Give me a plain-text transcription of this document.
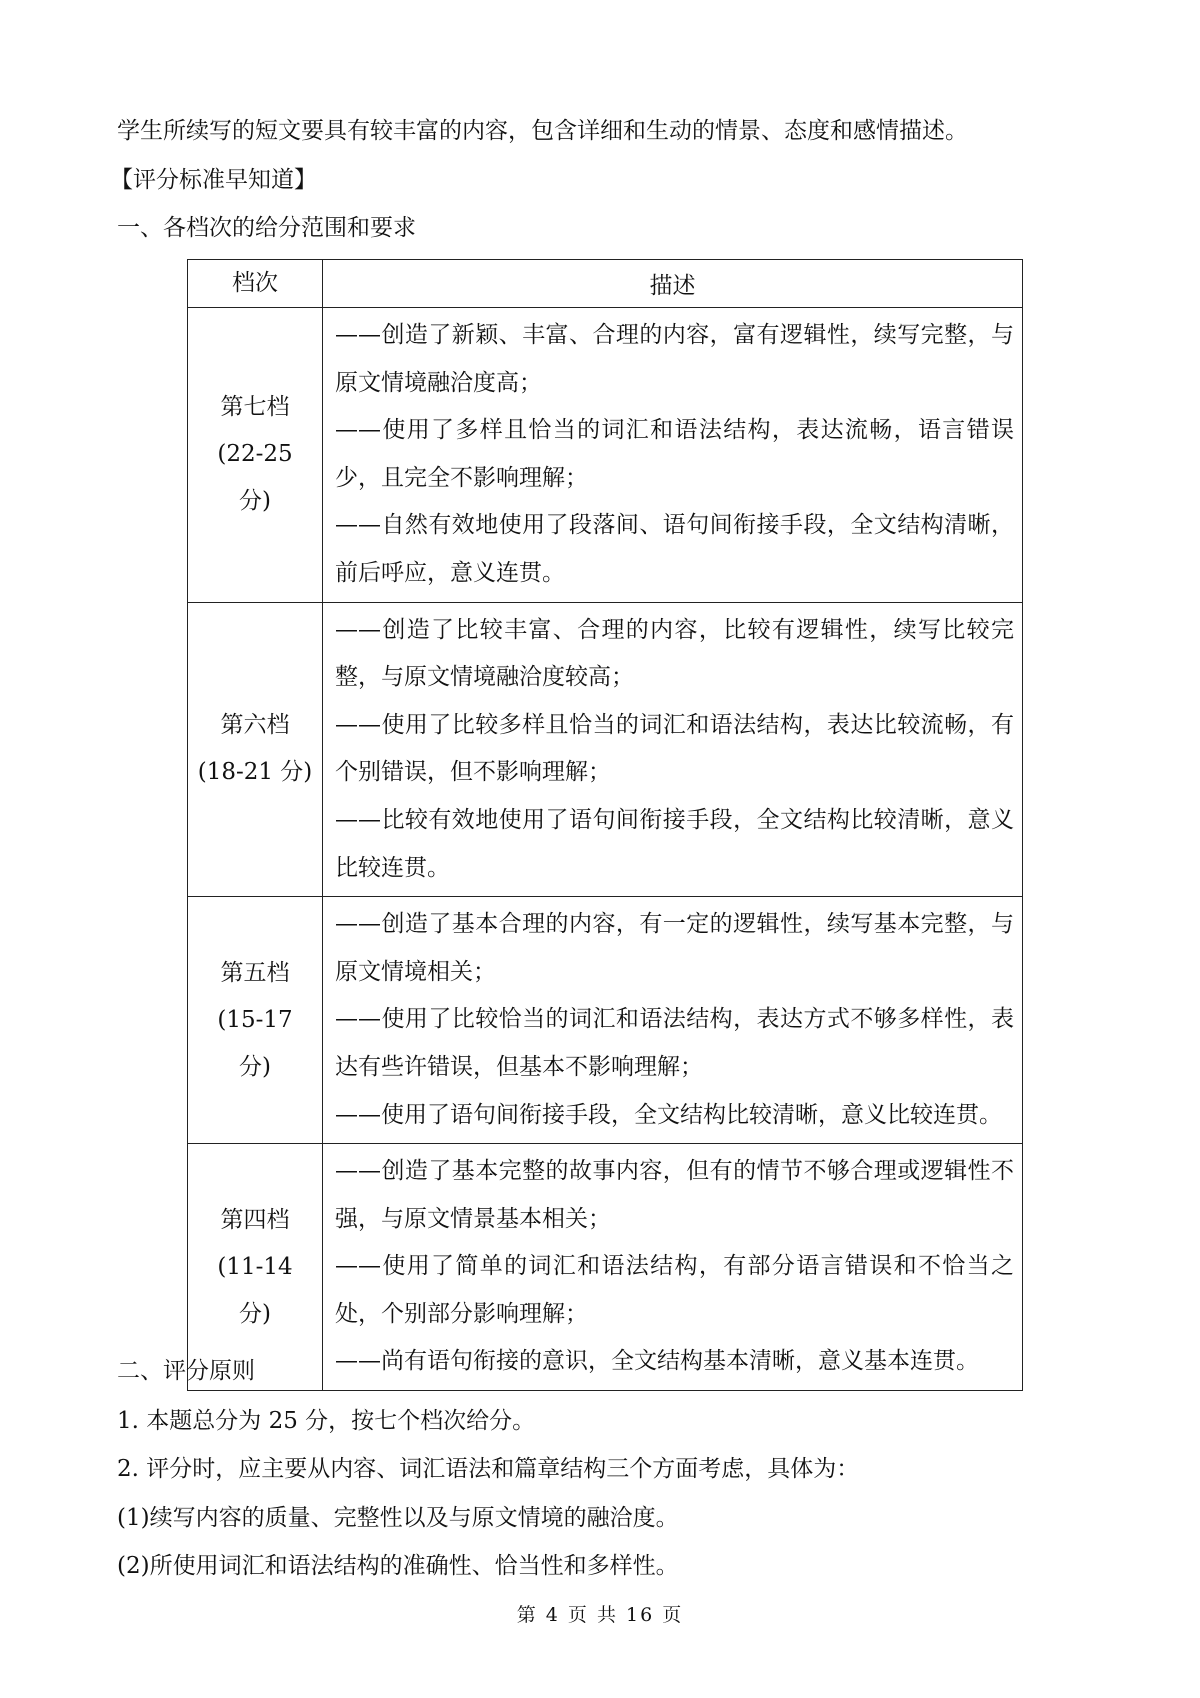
学生所续写的短文要具有较丰富的内容，包含详细和生动的情景、态度和感情描述。
【评分标准早知道】
一、各档次的给分范围和要求
档次	描述

第七档
(22-25
分)	——创造了新颖、丰富、合理的内容，富有逻辑性，续写完整，与原文情境融洽度高；
——使用了多样且恰当的词汇和语法结构，表达流畅，语言错误少，且完全不影响理解；
——自然有效地使用了段落间、语句间衔接手段，全文结构清晰，前后呼应，意义连贯。

第六档
(18-21 分)	——创造了比较丰富、合理的内容，比较有逻辑性，续写比较完整，与原文情境融洽度较高；
——使用了比较多样且恰当的词汇和语法结构，表达比较流畅，有个别错误，但不影响理解；
——比较有效地使用了语句间衔接手段，全文结构比较清晰，意义比较连贯。

第五档
(15-17
分)	——创造了基本合理的内容，有一定的逻辑性，续写基本完整，与原文情境相关；
——使用了比较恰当的词汇和语法结构，表达方式不够多样性，表达有些许错误，但基本不影响理解；
——使用了语句间衔接手段，全文结构比较清晰，意义比较连贯。

第四档
(11-14
分)	——创造了基本完整的故事内容，但有的情节不够合理或逻辑性不强，与原文情景基本相关；
——使用了简单的词汇和语法结构，有部分语言错误和不恰当之处，个别部分影响理解；
——尚有语句衔接的意识，全文结构基本清晰，意义基本连贯。
二、评分原则
1. 本题总分为 25 分，按七个档次给分。
2. 评分时，应主要从内容、词汇语法和篇章结构三个方面考虑，具体为：
(1)续写内容的质量、完整性以及与原文情境的融洽度。
(2)所使用词汇和语法结构的准确性、恰当性和多样性。
第 4 页 共 16 页
